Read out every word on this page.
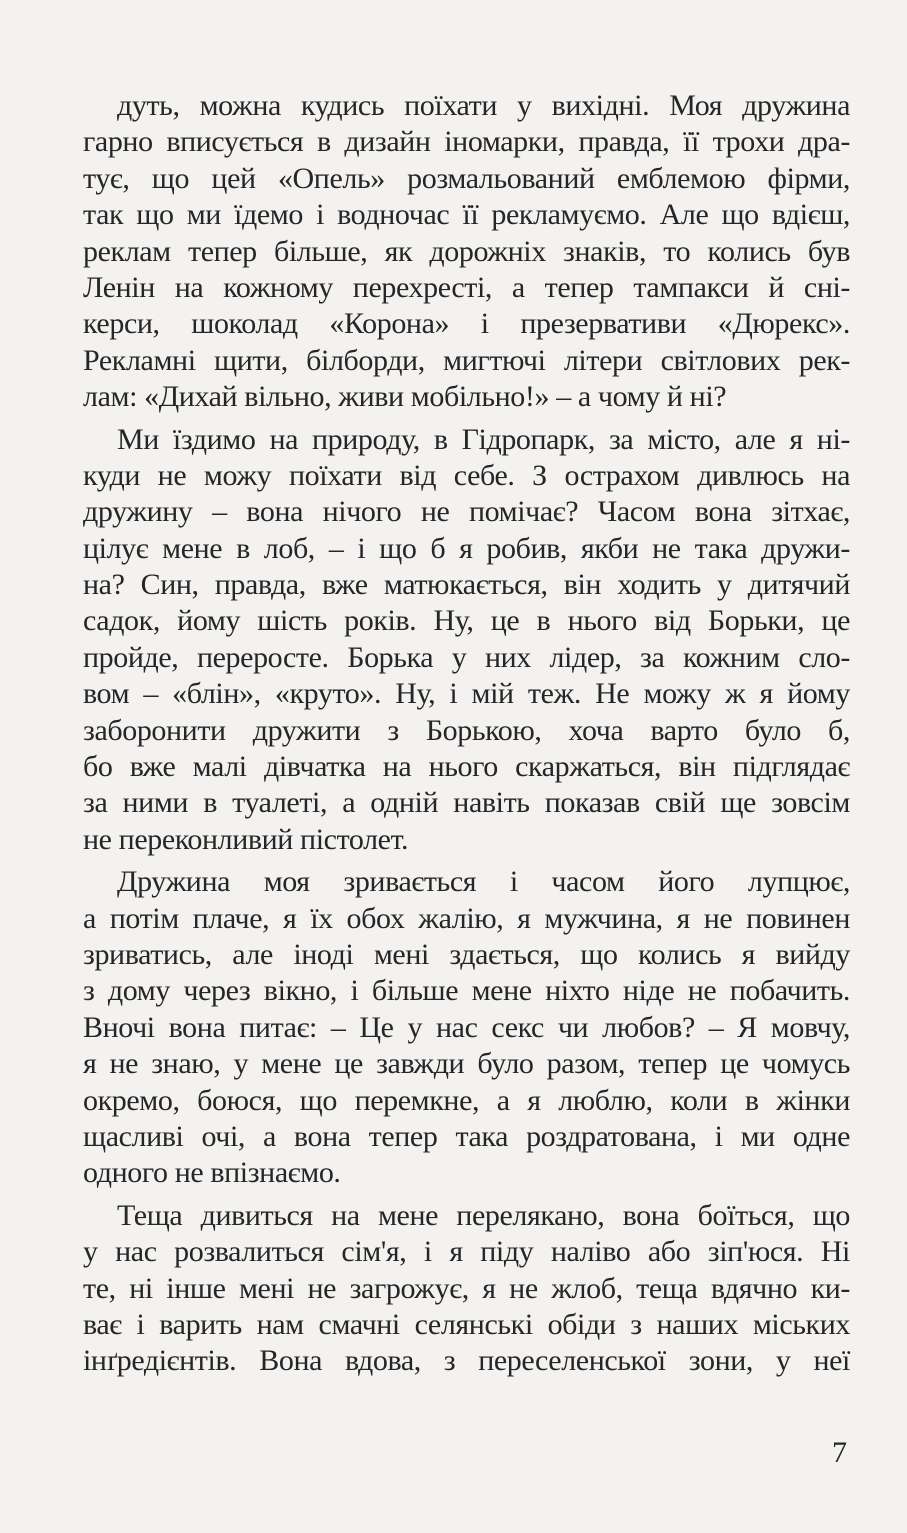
дуть, можна кудись поїхати у вихідні. Моя дружина
гарно вписується в дизайн іномарки, правда, її трохи дра-
тує, що цей «Опель» розмальований емблемою фірми,
так що ми їдемо і водночас її рекламуємо. Але що вдієш,
реклам тепер більше, як дорожніх знаків, то колись був
Ленін на кожному перехресті, а тепер тампакси й сні-
керси, шоколад «Корона» і презервативи «Дюрекс».
Рекламні щити, білборди, мигтючі літери світлових рек-
лам: «Дихай вільно, живи мобільно!» – а чому й ні?
Ми їздимо на природу, в Гідропарк, за місто, але я ні-
куди не можу поїхати від себе. З острахом дивлюсь на
дружину – вона нічого не помічає? Часом вона зітхає,
цілує мене в лоб, – і що б я робив, якби не така дружи-
на? Син, правда, вже матюкається, він ходить у дитячий
садок, йому шість років. Ну, це в нього від Борьки, це
пройде, переросте. Борька у них лідер, за кожним сло-
вом – «блін», «круто». Ну, і мій теж. Не можу ж я йому
заборонити дружити з Борькою, хоча варто було б,
бо вже малі дівчатка на нього скаржаться, він підглядає
за ними в туалеті, а одній навіть показав свій ще зовсім
не переконливий пістолет.
Дружина моя зривається і часом його лупцює,
а потім плаче, я їх обох жалію, я мужчина, я не повинен
зриватись, але іноді мені здається, що колись я вийду
з дому через вікно, і більше мене ніхто ніде не побачить.
Вночі вона питає: – Це у нас секс чи любов? – Я мовчу,
я не знаю, у мене це завжди було разом, тепер це чомусь
окремо, боюся, що перемкне, а я люблю, коли в жінки
щасливі очі, а вона тепер така роздратована, і ми одне
одного не впізнаємо.
Теща дивиться на мене перелякано, вона боїться, що
у нас розвалиться сім'я, і я піду наліво або зіп'юся. Ні
те, ні інше мені не загрожує, я не жлоб, теща вдячно ки-
ває і варить нам смачні селянські обіди з наших міських
інґредієнтів. Вона вдова, з переселенської зони, у неї
7
